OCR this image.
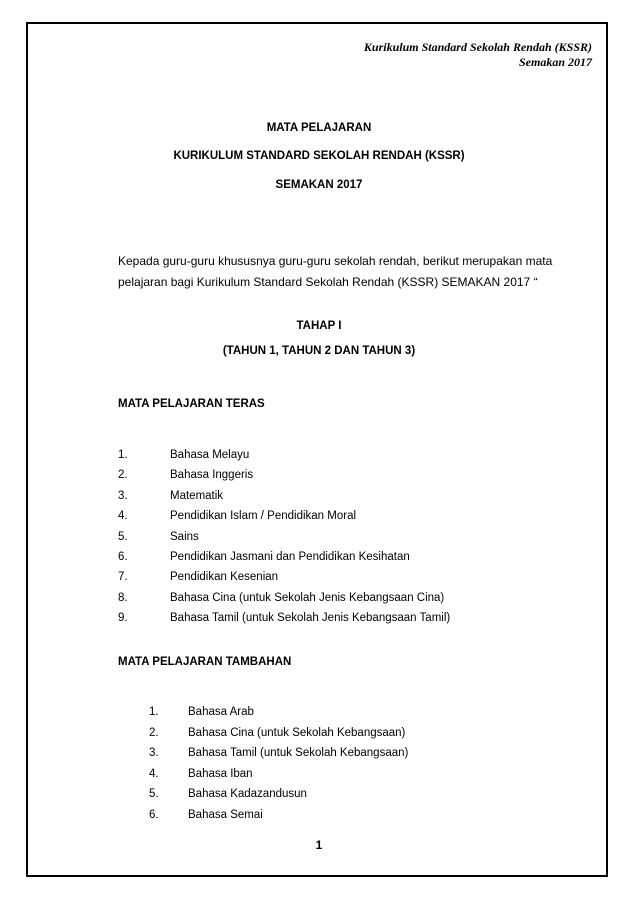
Kurikulum Standard Sekolah Rendah (KSSR)
Semakan 2017
MATA PELAJARAN
KURIKULUM STANDARD SEKOLAH RENDAH (KSSR)
SEMAKAN 2017
Kepada guru-guru khususnya guru-guru sekolah rendah, berikut merupakan mata
pelajaran bagi Kurikulum Standard Sekolah Rendah (KSSR) SEMAKAN 2017 “
TAHAP I
(TAHUN 1, TAHUN 2 DAN TAHUN 3)
MATA PELAJARAN TERAS
1.	Bahasa Melayu
2.	Bahasa Inggeris
3.	Matematik
4.	Pendidikan Islam / Pendidikan Moral
5.	Sains
6.	Pendidikan Jasmani dan Pendidikan Kesihatan
7.	Pendidikan Kesenian
8.	Bahasa Cina (untuk Sekolah Jenis Kebangsaan Cina)
9.	Bahasa Tamil (untuk Sekolah Jenis Kebangsaan Tamil)
MATA PELAJARAN TAMBAHAN
1.	Bahasa Arab
2.	Bahasa Cina (untuk Sekolah Kebangsaan)
3.	Bahasa Tamil (untuk Sekolah Kebangsaan)
4.	Bahasa Iban
5.	Bahasa Kadazandusun
6.	Bahasa Semai
1
